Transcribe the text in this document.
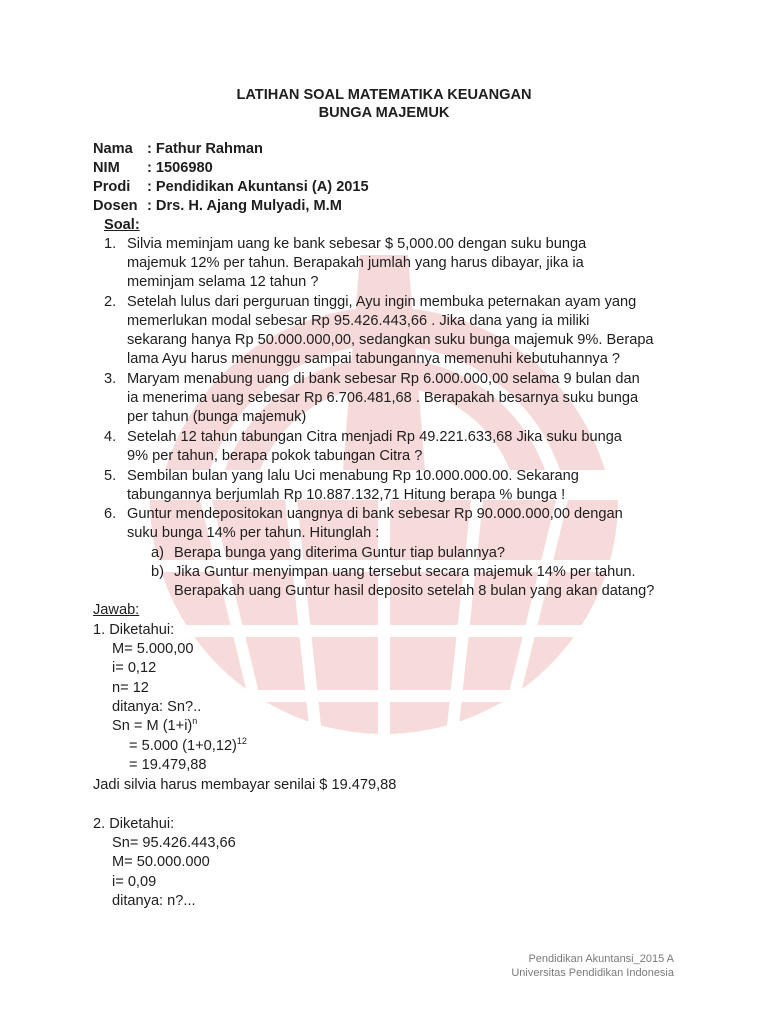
LATIHAN SOAL MATEMATIKA KEUANGAN
BUNGA MAJEMUK
Nama : Fathur Rahman
NIM : 1506980
Prodi : Pendidikan Akuntansi (A) 2015
Dosen : Drs. H. Ajang Mulyadi, M.M
Soal:
1. Silvia meminjam uang ke bank sebesar $ 5,000.00 dengan suku bunga
majemuk 12% per tahun. Berapakah jumlah yang harus dibayar, jika ia
meminjam selama 12 tahun ?
2. Setelah lulus dari perguruan tinggi, Ayu ingin membuka peternakan ayam yang
memerlukan modal sebesar Rp 95.426.443,66 . Jika dana yang ia miliki
sekarang hanya Rp 50.000.000,00, sedangkan suku bunga majemuk 9%. Berapa
lama Ayu harus menunggu sampai tabungannya memenuhi kebutuhannya ?
3. Maryam menabung uang di bank sebesar Rp 6.000.000,00 selama 9 bulan dan
ia menerima uang sebesar Rp 6.706.481,68 . Berapakah besarnya suku bunga
per tahun (bunga majemuk)
4. Setelah 12 tahun tabungan Citra menjadi Rp 49.221.633,68 Jika suku bunga
9% per tahun, berapa pokok tabungan Citra ?
5. Sembilan bulan yang lalu Uci menabung Rp 10.000.000.00. Sekarang
tabungannya berjumlah Rp 10.887.132,71 Hitung berapa % bunga !
6. Guntur mendepositokan uangnya di bank sebesar Rp 90.000.000,00 dengan
suku bunga 14% per tahun. Hitunglah :
a) Berapa bunga yang diterima Guntur tiap bulannya?
b) Jika Guntur menyimpan uang tersebut secara majemuk 14% per tahun.
Berapakah uang Guntur hasil deposito setelah 8 bulan yang akan datang?
Jawab:
1. Diketahui:
M= 5.000,00
i= 0,12
n= 12
ditanya: Sn?..
Sn = M $(1+i)^n$
= 5.000 $(1+0,12)^{12}$
= 19.479,88
Jadi silvia harus membayar senilai $ 19.479,88
2. Diketahui:
Sn= 95.426.443,66
M= 50.000.000
i= 0,09
ditanya: n?...
Pendidikan Akuntansi_2015 A
Universitas Pendidikan Indonesia
